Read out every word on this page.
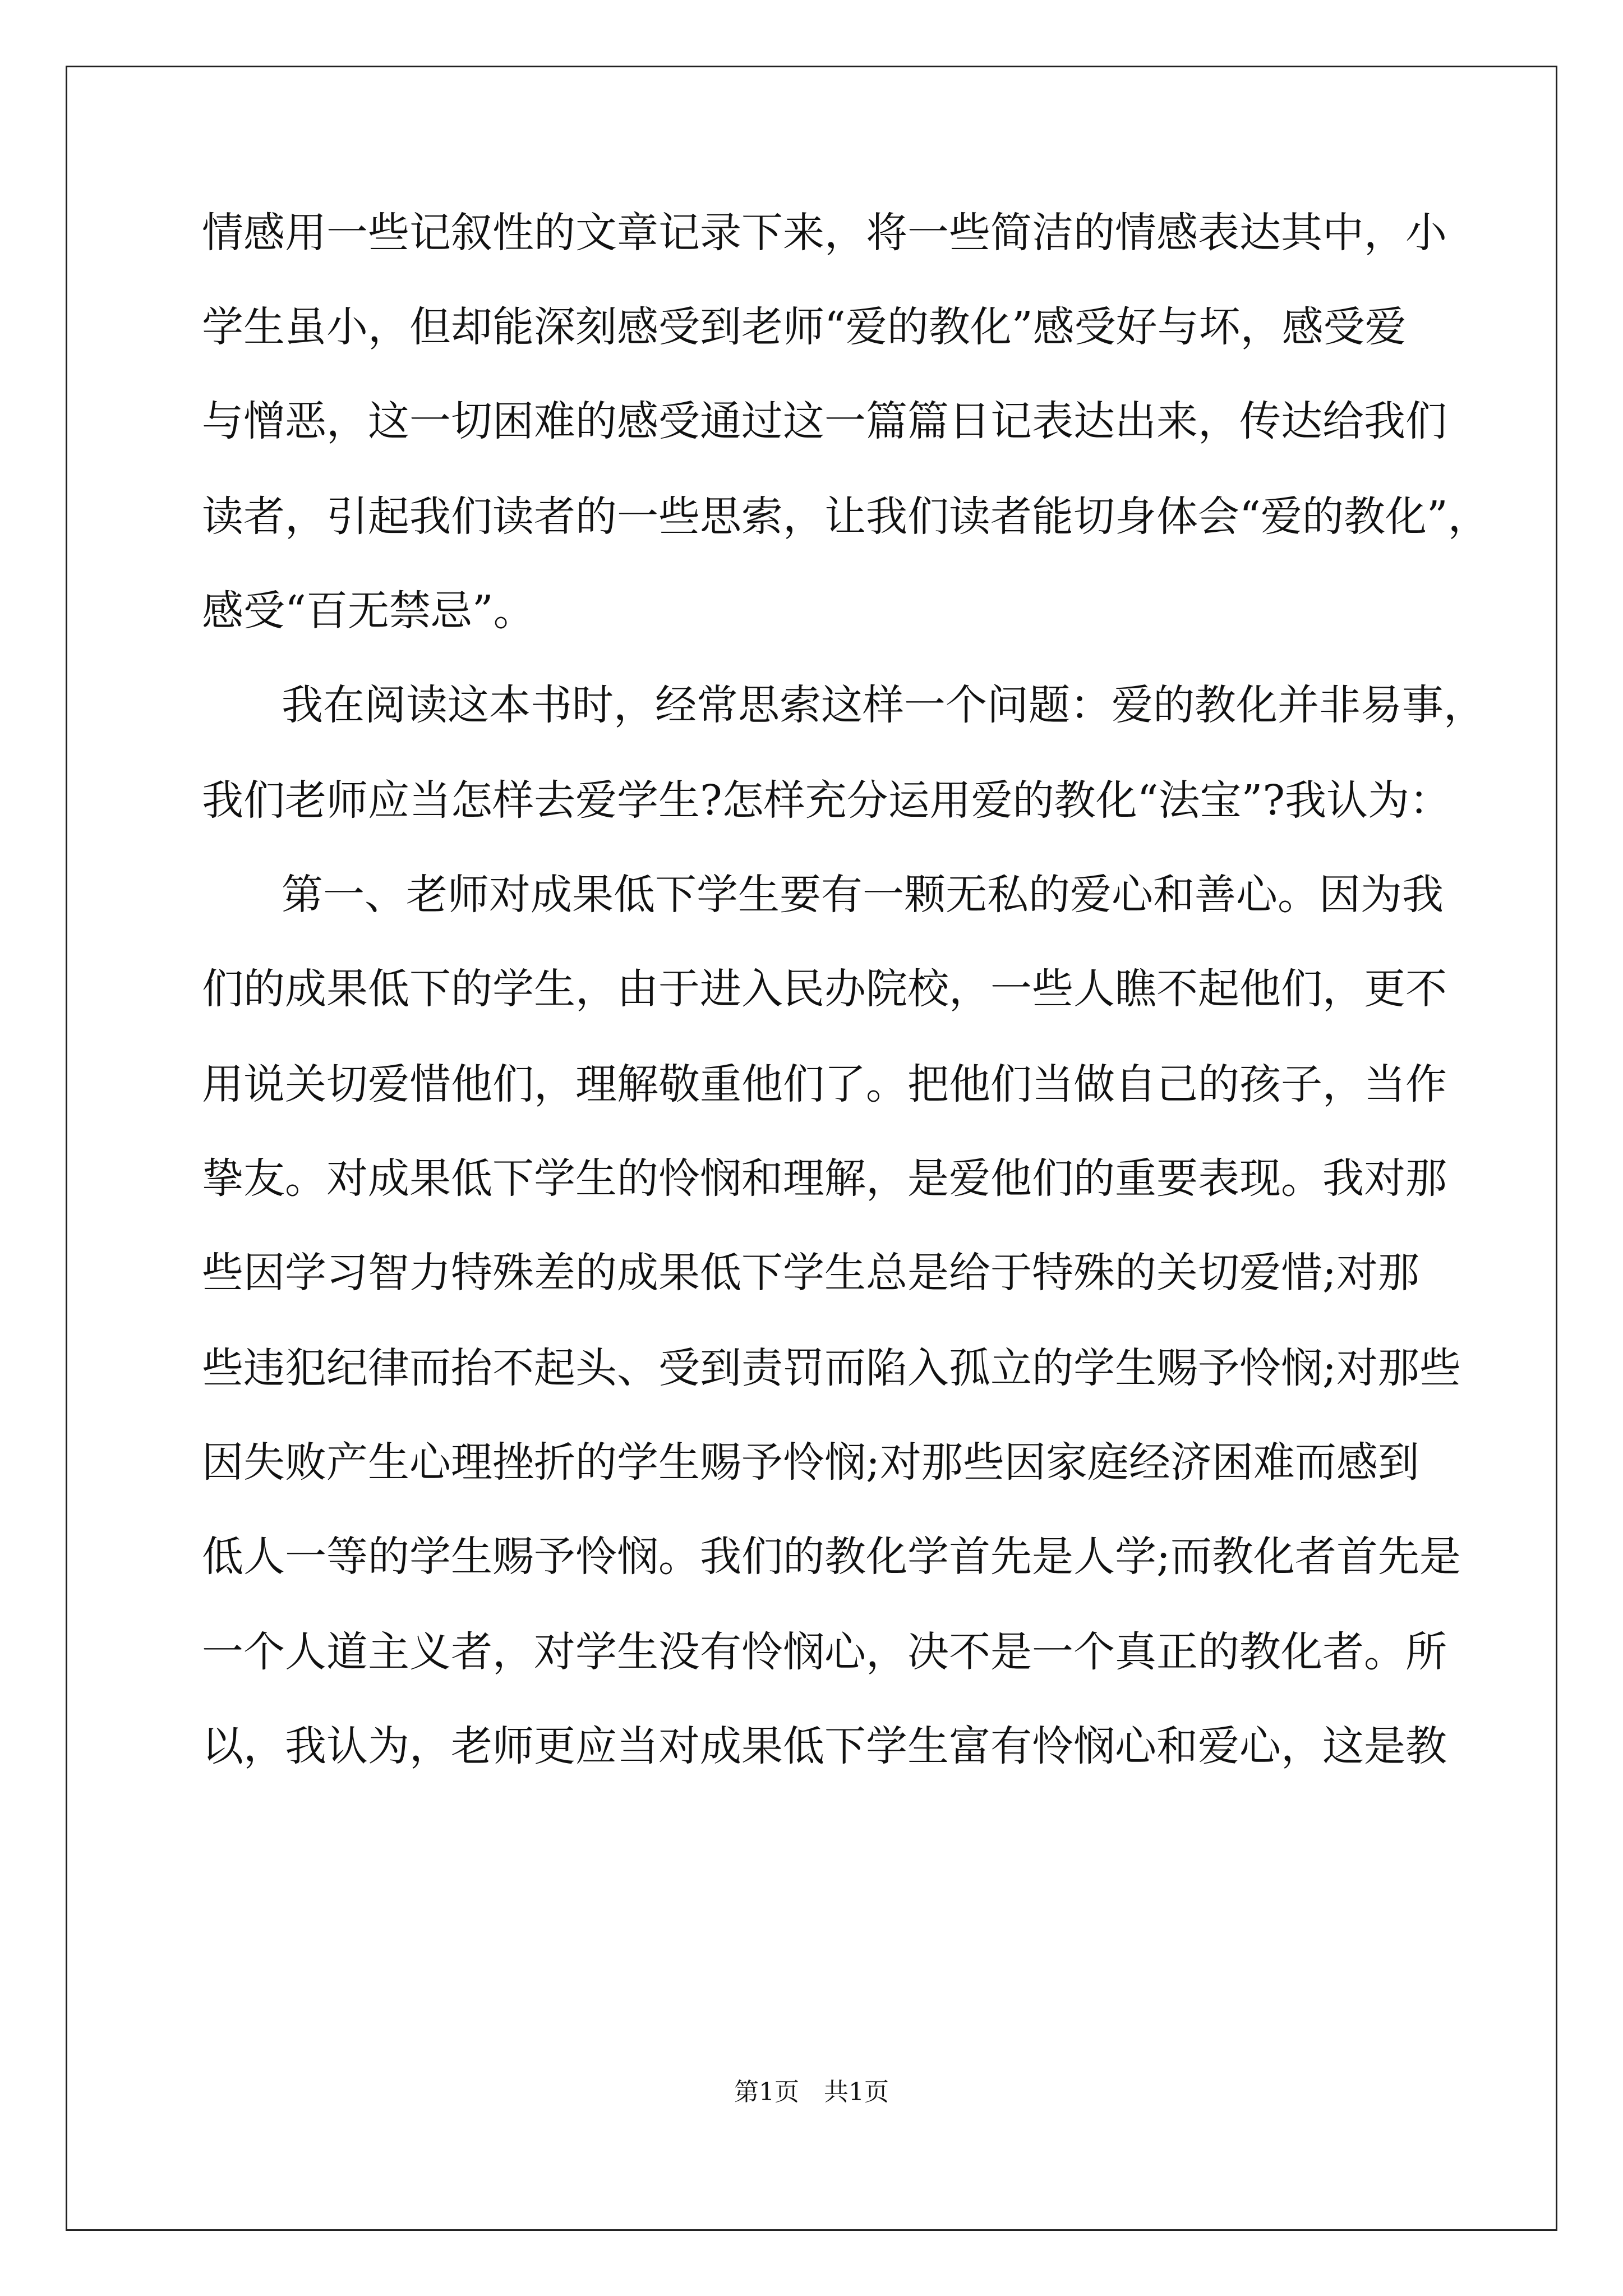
情感用一些记叙性的文章记录下来，将一些简洁的情感表达其中，小
学生虽小，但却能深刻感受到老师“爱的教化”感受好与坏，感受爱
与憎恶，这一切困难的感受通过这一篇篇日记表达出来，传达给我们
读者，引起我们读者的一些思索，让我们读者能切身体会“爱的教化”，
感受“百无禁忌”。
我在阅读这本书时，经常思索这样一个问题：爱的教化并非易事，
我们老师应当怎样去爱学生?怎样充分运用爱的教化“法宝”?我认为：
第一、老师对成果低下学生要有一颗无私的爱心和善心。因为我
们的成果低下的学生，由于进入民办院校，一些人瞧不起他们，更不
用说关切爱惜他们，理解敬重他们了。把他们当做自己的孩子，当作
挚友。对成果低下学生的怜悯和理解，是爱他们的重要表现。我对那
些因学习智力特殊差的成果低下学生总是给于特殊的关切爱惜;对那
些违犯纪律而抬不起头、受到责罚而陷入孤立的学生赐予怜悯;对那些
因失败产生心理挫折的学生赐予怜悯;对那些因家庭经济困难而感到
低人一等的学生赐予怜悯。我们的教化学首先是人学;而教化者首先是
一个人道主义者，对学生没有怜悯心，决不是一个真正的教化者。所
以，我认为，老师更应当对成果低下学生富有怜悯心和爱心，这是教
第1页　共1页
